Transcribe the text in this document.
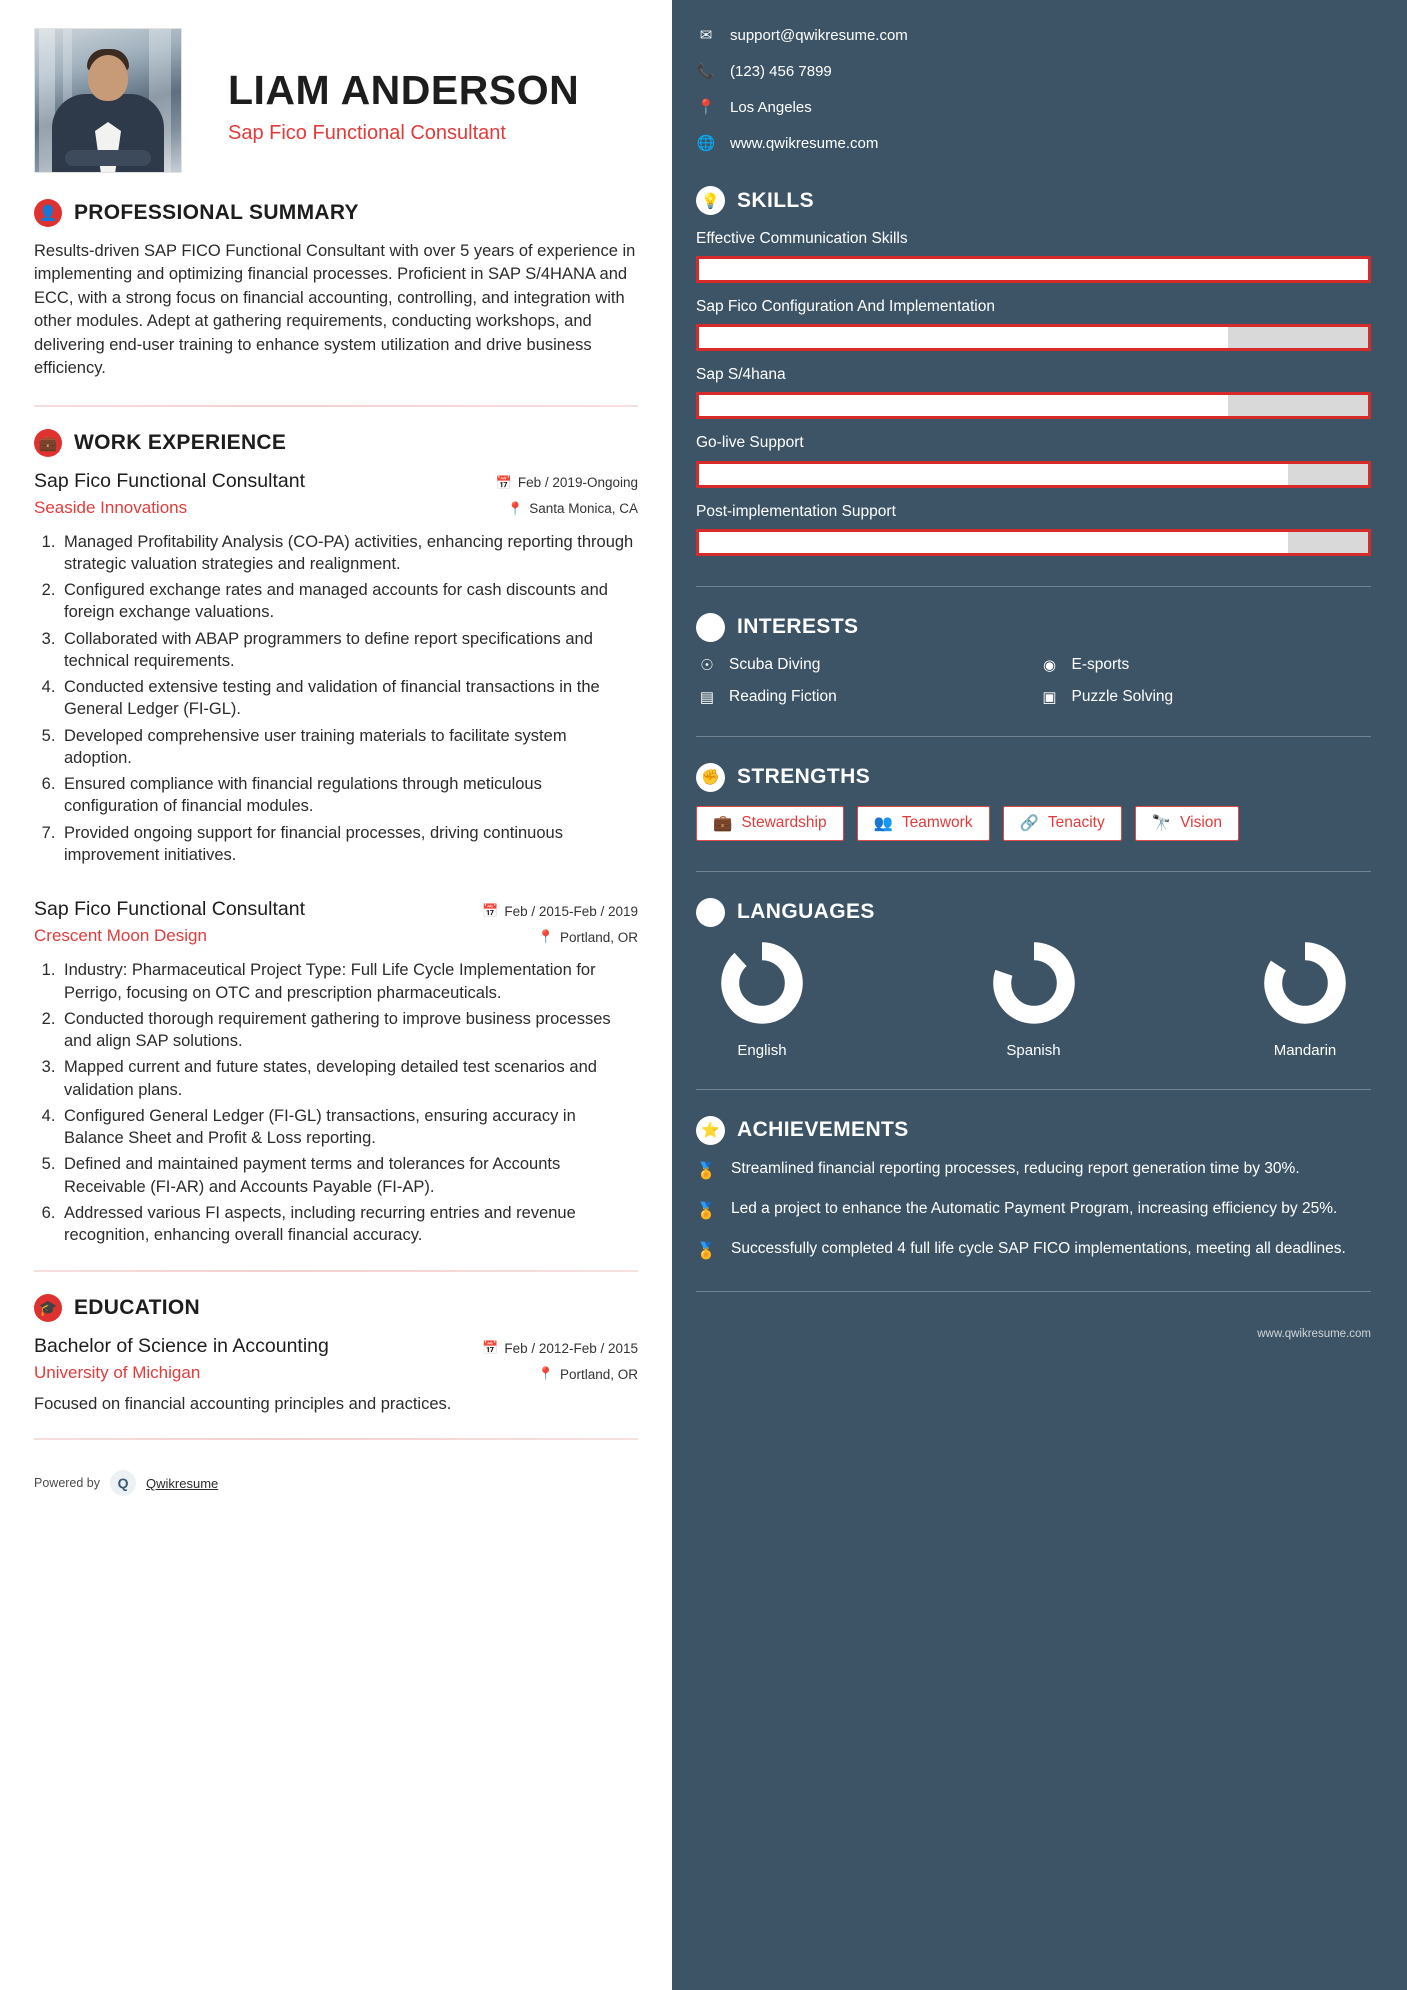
LIAM ANDERSON
Sap Fico Functional Consultant
👤 PROFESSIONAL SUMMARY
Results-driven SAP FICO Functional Consultant with over 5 years of experience in implementing and optimizing financial processes. Proficient in SAP S/4HANA and ECC, with a strong focus on financial accounting, controlling, and integration with other modules. Adept at gathering requirements, conducting workshops, and delivering end-user training to enhance system utilization and drive business efficiency.
💼 WORK EXPERIENCE
Sap Fico Functional Consultant	📅 Feb / 2019-Ongoing
Seaside Innovations	📍 Santa Monica, CA
1. Managed Profitability Analysis (CO-PA) activities, enhancing reporting through strategic valuation strategies and realignment.
2. Configured exchange rates and managed accounts for cash discounts and foreign exchange valuations.
3. Collaborated with ABAP programmers to define report specifications and technical requirements.
4. Conducted extensive testing and validation of financial transactions in the General Ledger (FI-GL).
5. Developed comprehensive user training materials to facilitate system adoption.
6. Ensured compliance with financial regulations through meticulous configuration of financial modules.
7. Provided ongoing support for financial processes, driving continuous improvement initiatives.
Sap Fico Functional Consultant	📅 Feb / 2015-Feb / 2019
Crescent Moon Design	📍 Portland, OR
1. Industry: Pharmaceutical Project Type: Full Life Cycle Implementation for Perrigo, focusing on OTC and prescription pharmaceuticals.
2. Conducted thorough requirement gathering to improve business processes and align SAP solutions.
3. Mapped current and future states, developing detailed test scenarios and validation plans.
4. Configured General Ledger (FI-GL) transactions, ensuring accuracy in Balance Sheet and Profit & Loss reporting.
5. Defined and maintained payment terms and tolerances for Accounts Receivable (FI-AR) and Accounts Payable (FI-AP).
6. Addressed various FI aspects, including recurring entries and revenue recognition, enhancing overall financial accuracy.
🎓 EDUCATION
Bachelor of Science in Accounting	📅 Feb / 2012-Feb / 2015
University of Michigan	📍 Portland, OR
Focused on financial accounting principles and practices.
Powered by	Q	Qwikresume
✉ support@qwikresume.com
📞 (123) 456 7899
📍 Los Angeles
🌐 www.qwikresume.com
💡 SKILLS
Effective Communication Skills
Sap Fico Configuration And Implementation
Sap S/4hana
Go-live Support
Post-implementation Support
✈ INTERESTS
☉ Scuba Diving	◉ E-sports
▤ Reading Fiction	▣ Puzzle Solving
✊ STRENGTHS
💼 Stewardship	👥 Teamwork	🔗 Tenacity	🔭 Vision
🇧 LANGUAGES
English	Spanish	Mandarin
⭐ ACHIEVEMENTS
🏅 Streamlined financial reporting processes, reducing report generation time by 30%.
🏅 Led a project to enhance the Automatic Payment Program, increasing efficiency by 25%.
🏅 Successfully completed 4 full life cycle SAP FICO implementations, meeting all deadlines.
www.qwikresume.com
